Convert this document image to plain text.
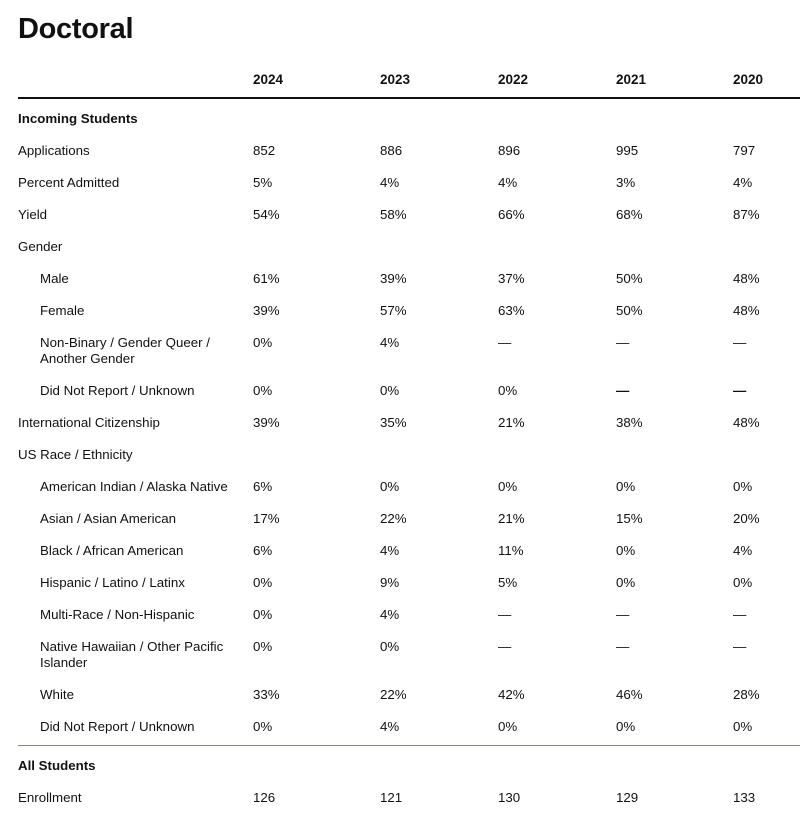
Doctoral
2024	2023	2022	2021	2020
Incoming Students
Applications	852	886	896	995	797
Percent Admitted	5%	4%	4%	3%	4%
Yield	54%	58%	66%	68%	87%
Gender
Male	61%	39%	37%	50%	48%
Female	39%	57%	63%	50%	48%
Non-Binary / Gender Queer / Another Gender
0%	4%	—	—	—
Did Not Report / Unknown	0%	0%	0%	—	—
International Citizenship	39%	35%	21%	38%	48%
US Race / Ethnicity
American Indian / Alaska Native	6%	0%	0%	0%	0%
Asian / Asian American	17%	22%	21%	15%	20%
Black / African American	6%	4%	11%	0%	4%
Hispanic / Latino / Latinx	0%	9%	5%	0%	0%
Multi-Race / Non-Hispanic	0%	4%	—	—	—
Native Hawaiian / Other Pacific Islander
0%	0%	—	—	—
White	33%	22%	42%	46%	28%
Did Not Report / Unknown	0%	4%	0%	0%	0%
All Students
Enrollment	126	121	130	129	133
